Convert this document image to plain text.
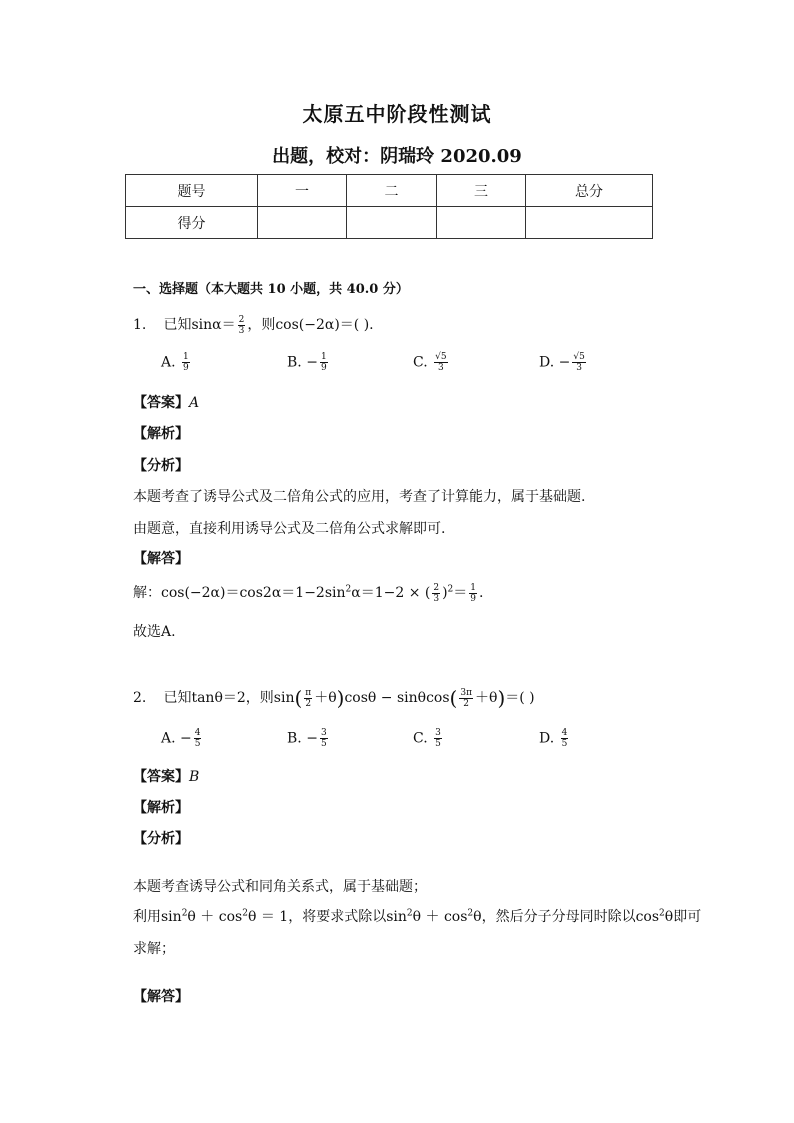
太原五中阶段性测试
出题，校对：阴瑞玲 2020.09
题号	一	二	三	总分
得分				
一、选择题（本大题共 10 小题，共 40.0 分）
1. 已知$\sin\alpha= \frac{2}{3}$ ，则cos(−2α)＝( ).
A. $\frac{1}{9}$	B. − $\frac{1}{9}$	C. $\frac{√5}{3}$	D. − $\frac{√5}{3}$
【答案】A
【解析】
【分析】
本题考查了诱导公式及二倍角公式的应用，考查了计算能力，属于基础题.
由题意，直接利用诱导公式及二倍角公式求解即可.
【解答】
解：$\cos(-2\alpha)=\cos 2\alpha=1-2\sin^2\alpha=1-2$ × ( $\frac{2}{3} )^2= \frac{1}{9}$ .
故选A.
2. 已知tanθ＝2，则$\sin( \frac{\pi}{2} +\theta)\cos\theta - \sin\theta\cos( \frac{3\pi}{2} +\theta)=$( )
A. − $\frac{4}{5}$	B. − $\frac{3}{5}$	C. $\frac{3}{5}$	D. $\frac{4}{5}$
【答案】B
【解析】
【分析】
本题考查诱导公式和同角关系式，属于基础题；
利用$\sin^2\theta + \cos^2\theta = 1$，将要求式除以$\sin^2\theta + \cos^2\theta$，然后分子分母同时除以$\cos^2\theta$即可
求解；
【解答】
